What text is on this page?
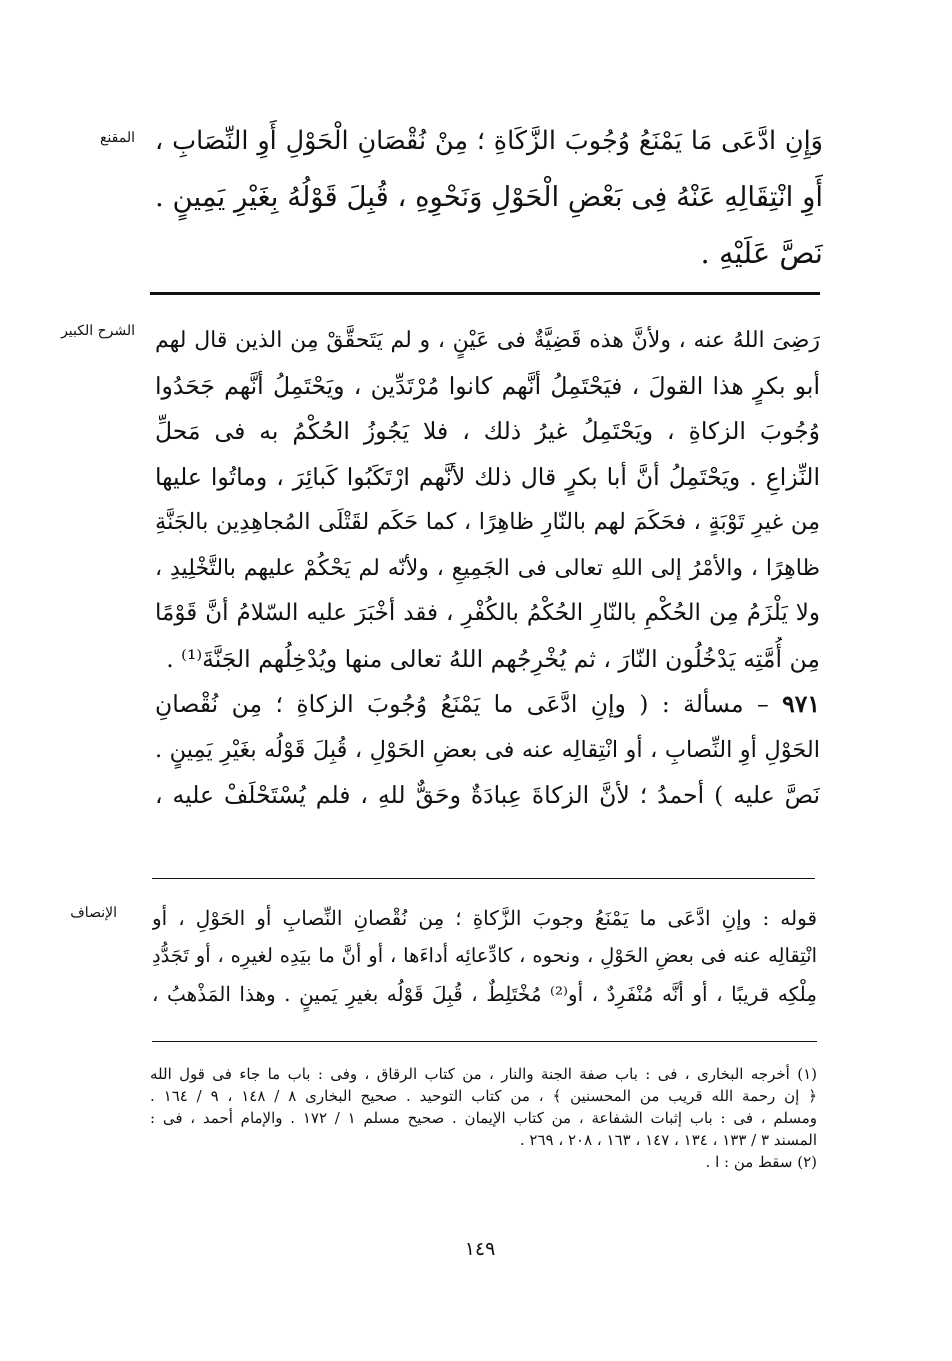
المقنع وَإِنِ ادَّعَى مَا يَمْنَعُ وُجُوبَ الزَّكَاةِ ؛ مِنْ نُقْصَانِ الْحَوْلِ أَوِ النِّصَابِ ،
أَوِ انْتِقَالِهِ عَنْهُ فِى بَعْضِ الْحَوْلِ وَنَحْوِهِ ، قُبِلَ قَوْلُهُ بِغَيْرِ يَمِينٍ .
نَصَّ عَلَيْهِ .
الشرح الكبير رَضِىَ اللهُ عنه ، ولأنَّ هذه قَضِيَّةٌ فى عَيْنٍ ، و لم يَتَحقَّقْ مِن الذين قال لهم
أبو بكرٍ هذا القولَ ، فيَحْتَمِلُ أنَّهم كانوا مُرْتَدِّين ، ويَحْتَمِلُ أنَّهم جَحَدُوا
وُجُوبَ الزكاةِ ، ويَحْتَمِلُ غيرُ ذلك ، فلا يَجُوزُ الحُكْمُ به فى مَحلِّ
النِّزاعِ . ويَحْتَمِلُ أنَّ أبا بكرٍ قال ذلك لأنَّهم ارْتَكَبُوا كَبائِرَ ، وماتُوا عليها
مِن غيرِ تَوْبَةٍ ، فحَكَمَ لهم بالنّارِ ظاهِرًا ، كما حَكَم لقَتْلَى المُجاهِدِين بالجَنَّةِ
ظاهِرًا ، والأمْرُ إلى اللهِ تعالى فى الجَمِيعِ ، ولأنّه لم يَحْكُمْ عليهم بالتَّخْلِيدِ ،
ولا يَلْزَمُ مِن الحُكْمِ بالنّارِ الحُكْمُ بالكُفْرِ ، فقد أخْبَرَ عليه السّلامُ أنَّ قَوْمًا
مِن أُمَّتِه يَدْخُلُون النّارَ ، ثم يُخْرِجُهم اللهُ تعالى منها ويُدْخِلُهم الجَنَّةَ⁽¹⁾ .
٩٧١ – مسألة : ( وإنِ ادَّعَى ما يَمْنَعُ وُجُوبَ الزكاةِ ؛ مِن نُقْصانِ
الحَوْلِ أوِ النِّصابِ ، أو انْتِقالِه عنه فى بعضِ الحَوْلِ ، قُبِلَ قَوْلُه بغَيْرِ يَمِينٍ .
نَصَّ عليه ) أحمدُ ؛ لأنَّ الزكاةَ عِبادَةٌ وحَقٌّ للهِ ، فلم يُسْتَحْلَفْ عليه ،
الإنصاف قوله : وإنِ ادَّعَى ما يَمْنَعُ وجوبَ الزَّكاةِ ؛ مِن نُقْصانِ النِّصابِ أو الحَوْلِ ، أو
انْتِقالِه عنه فى بعضِ الحَوْلِ ، ونحوه ، كادِّعائِه أداءَها ، أو أنَّ ما بيَدِه لغيرِه ، أو تَجَدُّدِ
مِلْكِه قريبًا ، أو أنَّه مُنْفَرِدٌ ، أو⁽²⁾ مُخْتَلِطٌ ، قُبِلَ قَوْلُه بغيرِ يَمينٍ . وهذا المَذْهبُ ،
(١) أخرجه البخارى ، فى : باب صفة الجنة والنار ، من كتاب الرقاق ، وفى : باب ما جاء فى قول الله
﴿ إن رحمة الله قريب من المحسنين ﴾ ، من كتاب التوحيد . صحيح البخارى ٨ / ١٤٨ ، ٩ / ١٦٤ .
ومسلم ، فى : باب إثبات الشفاعة ، من كتاب الإيمان . صحيح مسلم ١ / ١٧٢ . والإمام أحمد ، فى :
المسند ٣ / ١٣٣ ، ١٣٤ ، ١٤٧ ، ١٦٣ ، ٢٠٨ ، ٢٦٩ .
(٢) سقط من : ا .
١٤٩
